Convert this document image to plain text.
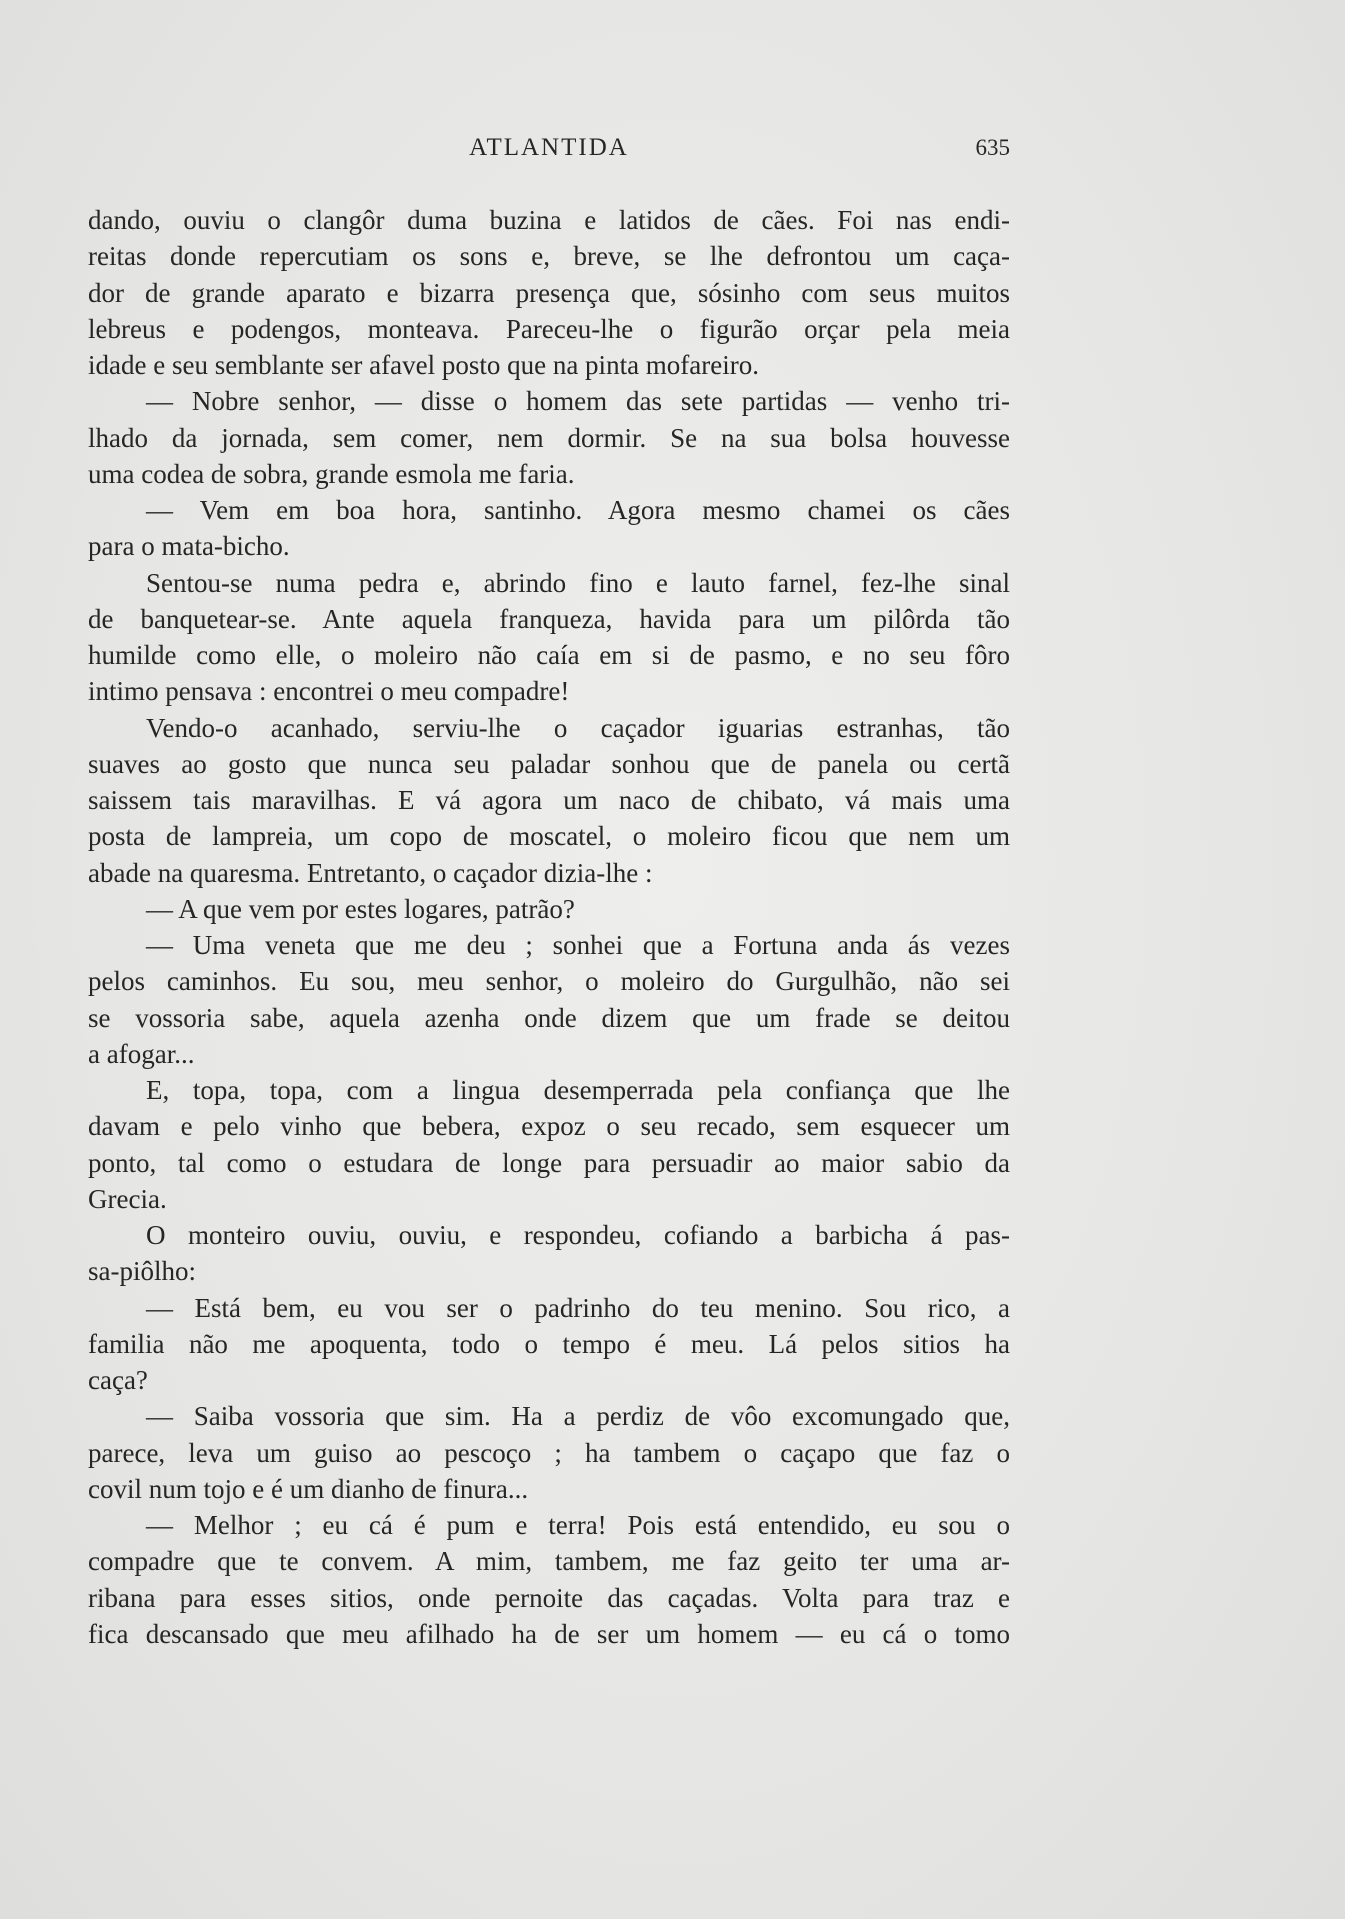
ATLANTIDA	635
dando, ouviu o clangôr duma buzina e latidos de cães. Foi nas endi-
reitas donde repercutiam os sons e, breve, se lhe defrontou um caça-
dor de grande aparato e bizarra presença que, sósinho com seus muitos
lebreus e podengos, monteava. Pareceu-lhe o figurão orçar pela meia
idade e seu semblante ser afavel posto que na pinta mofareiro.
— Nobre senhor, — disse o homem das sete partidas — venho tri-
lhado da jornada, sem comer, nem dormir. Se na sua bolsa houvesse
uma codea de sobra, grande esmola me faria.
— Vem em boa hora, santinho. Agora mesmo chamei os cães
para o mata-bicho.
Sentou-se numa pedra e, abrindo fino e lauto farnel, fez-lhe sinal
de banquetear-se. Ante aquela franqueza, havida para um pilôrda tão
humilde como elle, o moleiro não caía em si de pasmo, e no seu fôro
intimo pensava : encontrei o meu compadre!
Vendo-o acanhado, serviu-lhe o caçador iguarias estranhas, tão
suaves ao gosto que nunca seu paladar sonhou que de panela ou certã
saissem tais maravilhas. E vá agora um naco de chibato, vá mais uma
posta de lampreia, um copo de moscatel, o moleiro ficou que nem um
abade na quaresma. Entretanto, o caçador dizia-lhe :
— A que vem por estes logares, patrão?
— Uma veneta que me deu ; sonhei que a Fortuna anda ás vezes
pelos caminhos. Eu sou, meu senhor, o moleiro do Gurgulhão, não sei
se vossoria sabe, aquela azenha onde dizem que um frade se deitou
a afogar...
E, topa, topa, com a lingua desemperrada pela confiança que lhe
davam e pelo vinho que bebera, expoz o seu recado, sem esquecer um
ponto, tal como o estudara de longe para persuadir ao maior sabio da
Grecia.
O monteiro ouviu, ouviu, e respondeu, cofiando a barbicha á pas-
sa-piôlho:
— Está bem, eu vou ser o padrinho do teu menino. Sou rico, a
familia não me apoquenta, todo o tempo é meu. Lá pelos sitios ha
caça?
— Saiba vossoria que sim. Ha a perdiz de vôo excomungado que,
parece, leva um guiso ao pescoço ; ha tambem o caçapo que faz o
covil num tojo e é um dianho de finura...
— Melhor ; eu cá é pum e terra! Pois está entendido, eu sou o
compadre que te convem. A mim, tambem, me faz geito ter uma ar-
ribana para esses sitios, onde pernoite das caçadas. Volta para traz e
fica descansado que meu afilhado ha de ser um homem — eu cá o tomo
